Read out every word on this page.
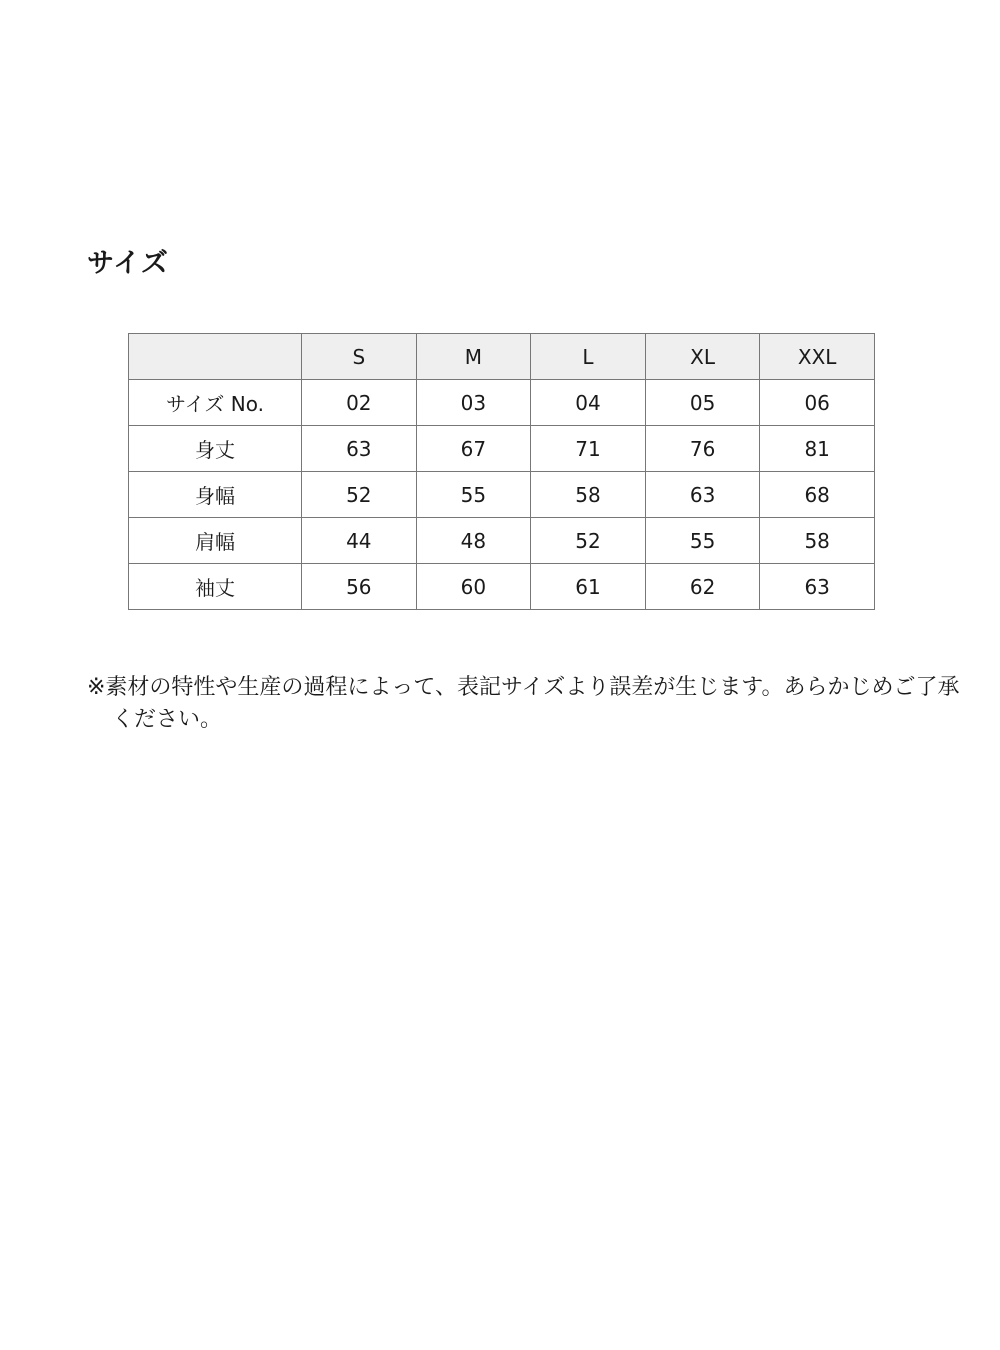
サイズ
	S	M	L	XL	XXL
サイズ No.	02	03	04	05	06
身丈	63	67	71	76	81
身幅	52	55	58	63	68
肩幅	44	48	52	55	58
袖丈	56	60	61	62	63

※素材の特性や生産の過程によって、表記サイズより誤差が生じます。あらかじめご了承ください。
